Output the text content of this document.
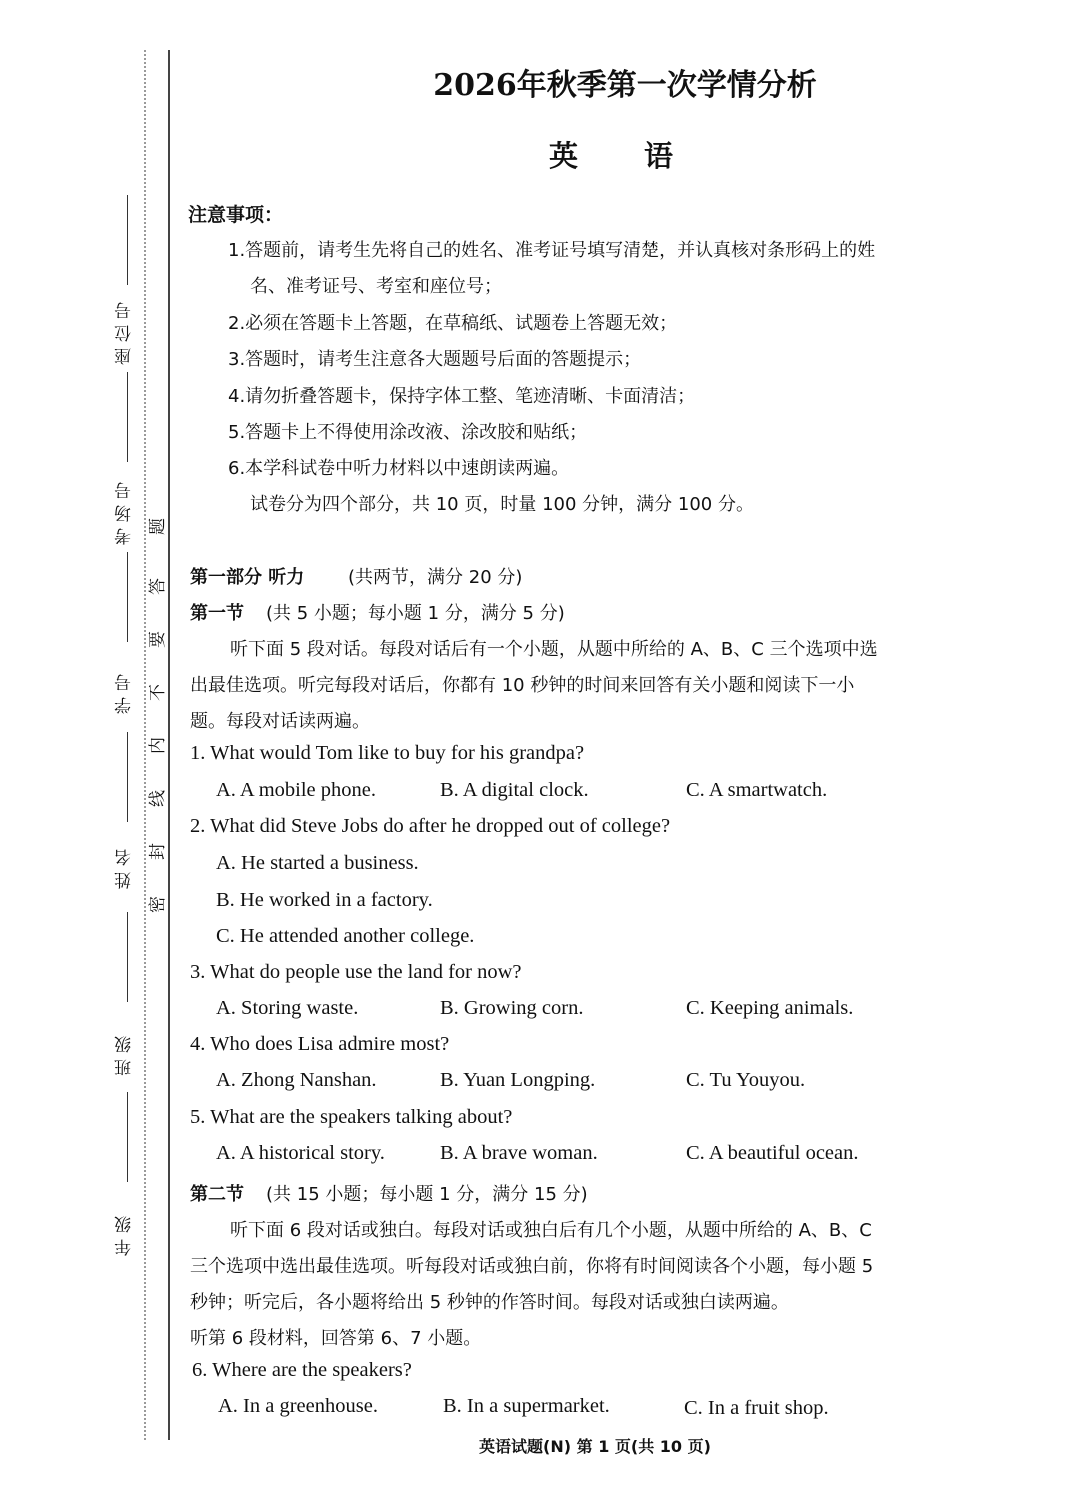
座位号
考场号
学号
姓名
班级
年级
密
封
线
内
不
要
答
题
2026年秋季第一次学情分析
英 语
注意事项：
1.答题前，请考生先将自己的姓名、准考证号填写清楚，并认真核对条形码上的姓
名、准考证号、考室和座位号；
2.必须在答题卡上答题，在草稿纸、试题卷上答题无效；
3.答题时，请考生注意各大题题号后面的答题提示；
4.请勿折叠答题卡，保持字体工整、笔迹清晰、卡面清洁；
5.答题卡上不得使用涂改液、涂改胶和贴纸；
6.本学科试卷中听力材料以中速朗读两遍。
试卷分为四个部分，共 10 页，时量 100 分钟，满分 100 分。
第一部分 听力 (共两节，满分 20 分)
第一节 (共 5 小题；每小题 1 分，满分 5 分)
听下面 5 段对话。每段对话后有一个小题，从题中所给的 A、B、C 三个选项中选
出最佳选项。听完每段对话后，你都有 10 秒钟的时间来回答有关小题和阅读下一小
题。每段对话读两遍。
1. What would Tom like to buy for his grandpa?
A. A mobile phone.	B. A digital clock.	C. A smartwatch.
2. What did Steve Jobs do after he dropped out of college?
A. He started a business.
B. He worked in a factory.
C. He attended another college.
3. What do people use the land for now?
A. Storing waste.	B. Growing corn.	C. Keeping animals.
4. Who does Lisa admire most?
A. Zhong Nanshan.	B. Yuan Longping.	C. Tu Youyou.
5. What are the speakers talking about?
A. A historical story.	B. A brave woman.	C. A beautiful ocean.
第二节 (共 15 小题；每小题 1 分，满分 15 分)
听下面 6 段对话或独白。每段对话或独白后有几个小题，从题中所给的 A、B、C
三个选项中选出最佳选项。听每段对话或独白前，你将有时间阅读各个小题，每小题 5
秒钟；听完后，各小题将给出 5 秒钟的作答时间。每段对话或独白读两遍。
听第 6 段材料，回答第 6、7 小题。
6. Where are the speakers?
A. In a greenhouse.	B. In a supermarket.	C. In a fruit shop.
英语试题(N) 第 1 页(共 10 页)
